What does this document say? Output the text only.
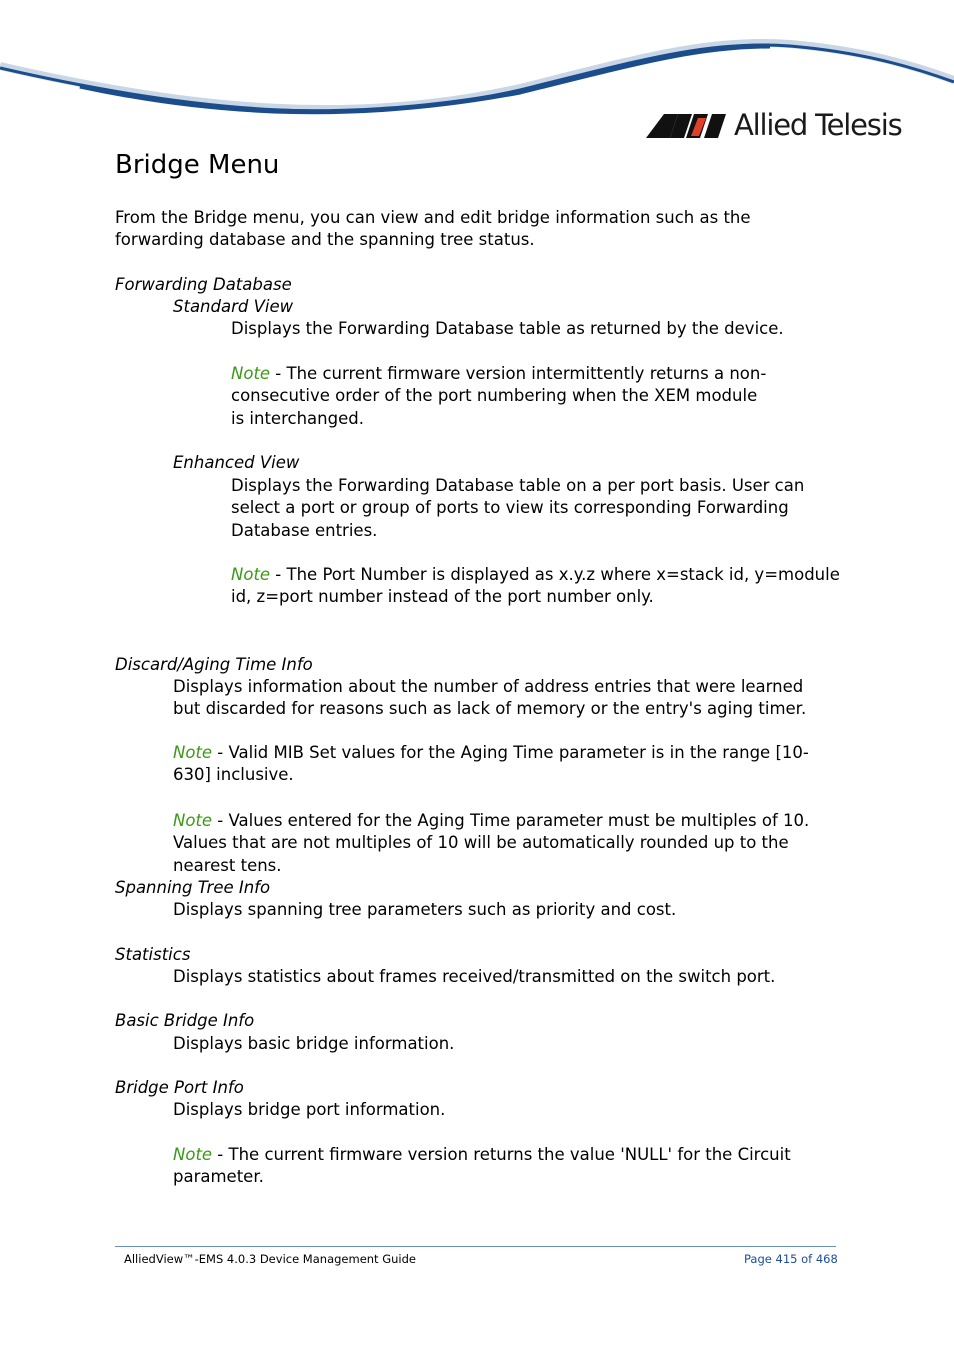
Allied Telesis
Bridge Menu

From the Bridge menu, you can view and edit bridge information such as the forwarding database and the spanning tree status.

Forwarding Database

Standard View

Displays the Forwarding Database table as returned by the device.

Note - The current firmware version intermittently returns a non-consecutive order of the port numbering when the XEM module is interchanged.

Enhanced View

Displays the Forwarding Database table on a per port basis. User can select a port or group of ports to view its corresponding Forwarding Database entries.

Note - The Port Number is displayed as x.y.z where x=stack id, y=module id, z=port number instead of the port number only.

Discard/Aging Time Info

Displays information about the number of address entries that were learned but discarded for reasons such as lack of memory or the entry's aging timer.

Note - Valid MIB Set values for the Aging Time parameter is in the range [10-630] inclusive.

Note - Values entered for the Aging Time parameter must be multiples of 10. Values that are not multiples of 10 will be automatically rounded up to the nearest tens.

Spanning Tree Info

Displays spanning tree parameters such as priority and cost.

Statistics

Displays statistics about frames received/transmitted on the switch port.

Basic Bridge Info

Displays basic bridge information.

Bridge Port Info

Displays bridge port information.

Note - The current firmware version returns the value 'NULL' for the Circuit parameter.

AlliedView™-EMS 4.0.3 Device Management Guide	Page 415 of 468
